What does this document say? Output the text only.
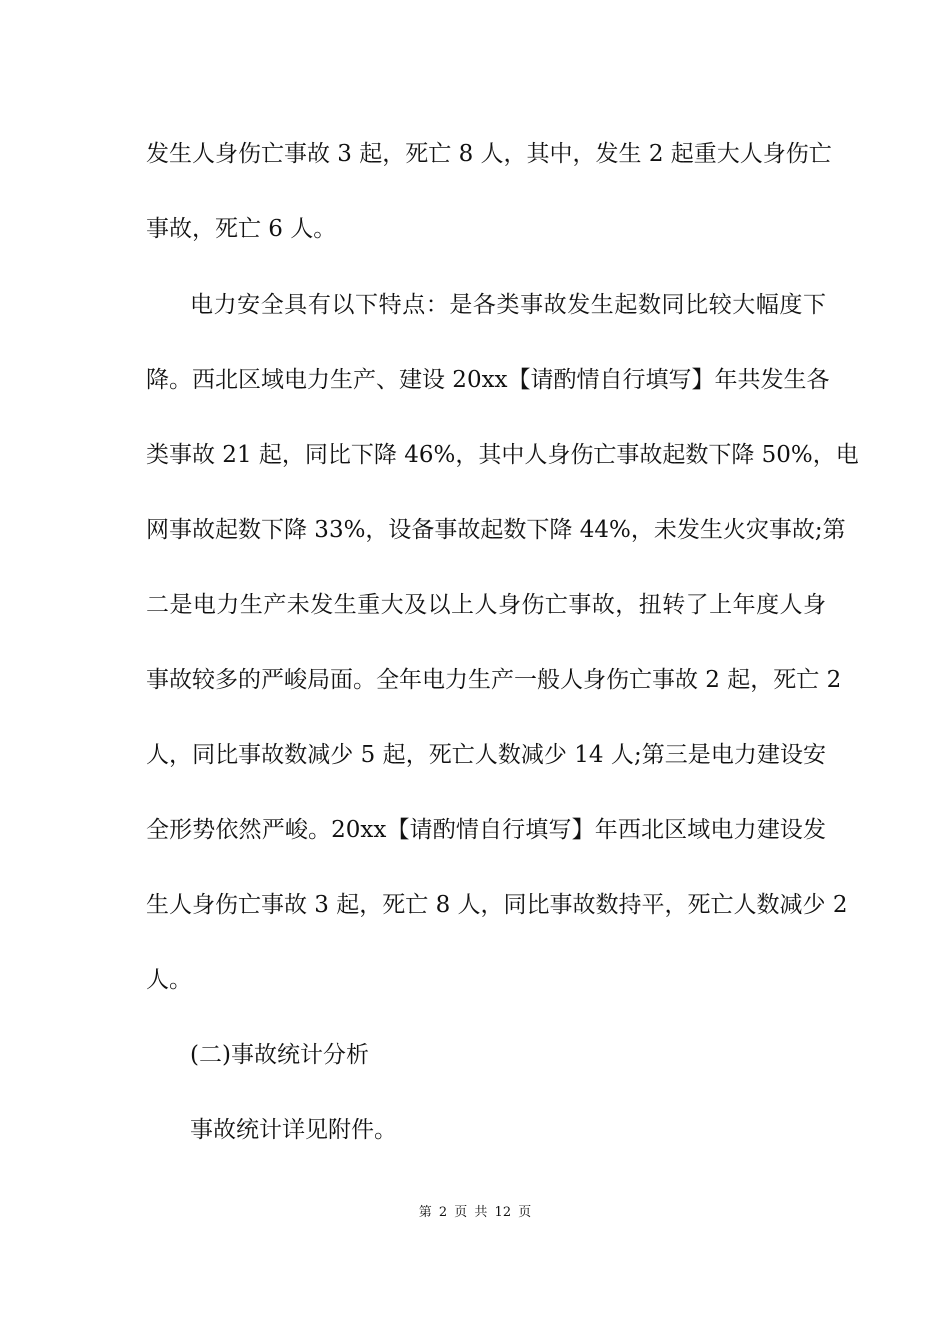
发生人身伤亡事故 3 起，死亡 8 人，其中，发生 2 起重大人身伤亡
事故，死亡 6 人。
电力安全具有以下特点：是各类事故发生起数同比较大幅度下
降。西北区域电力生产、建设 20xx【请酌情自行填写】年共发生各
类事故 21 起，同比下降 46%，其中人身伤亡事故起数下降 50%，电
网事故起数下降 33%，设备事故起数下降 44%，未发生火灾事故;第
二是电力生产未发生重大及以上人身伤亡事故，扭转了上年度人身
事故较多的严峻局面。全年电力生产一般人身伤亡事故 2 起，死亡 2
人，同比事故数减少 5 起，死亡人数减少 14 人;第三是电力建设安
全形势依然严峻。20xx【请酌情自行填写】年西北区域电力建设发
生人身伤亡事故 3 起，死亡 8 人，同比事故数持平，死亡人数减少 2
人。
(二)事故统计分析
事故统计详见附件。
第 2 页 共 12 页
